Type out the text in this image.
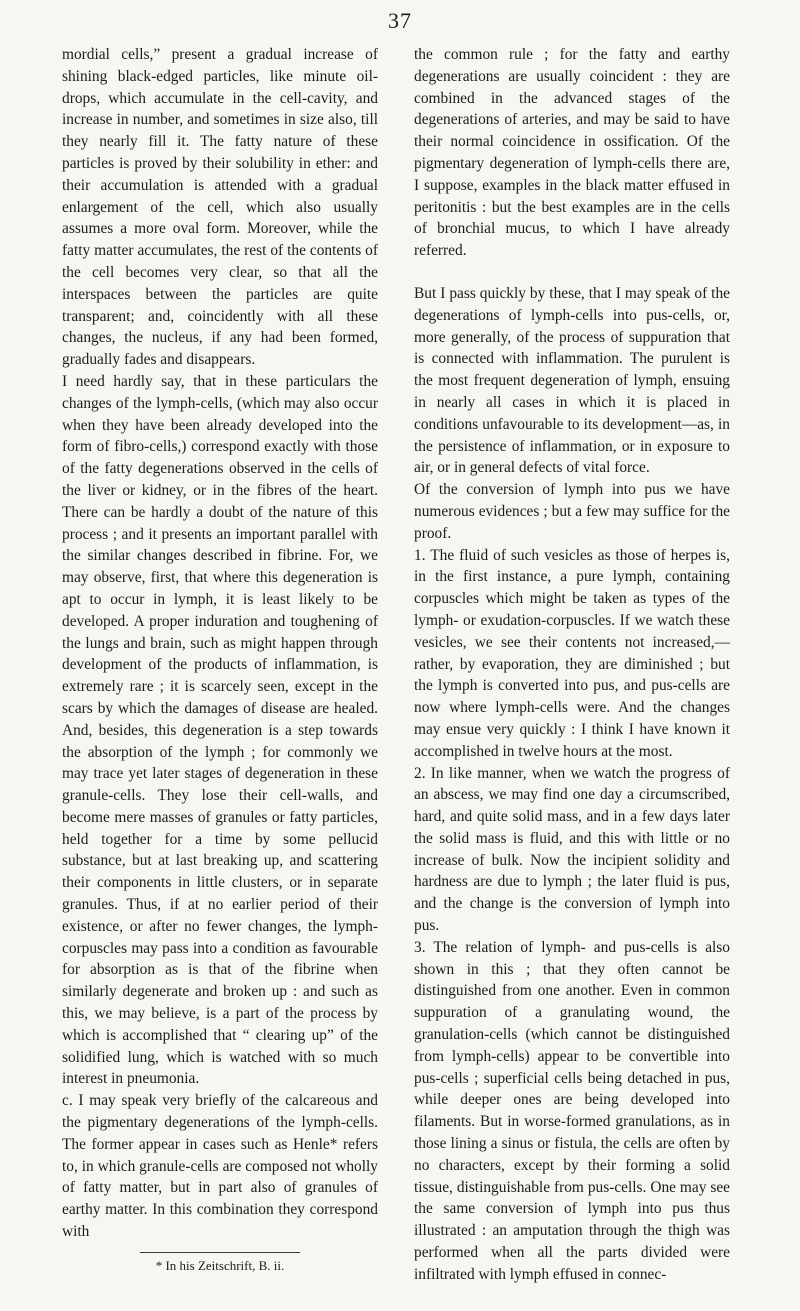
37

mordial cells,” present a gradual increase of shining black-edged particles, like minute oil-drops, which accumulate in the cell-cavity, and increase in number, and sometimes in size also, till they nearly fill it. The fatty nature of these particles is proved by their solubility in ether: and their accumulation is attended with a gradual enlargement of the cell, which also usually assumes a more oval form. Moreover, while the fatty matter accumulates, the rest of the contents of the cell becomes very clear, so that all the interspaces between the particles are quite transparent; and, coincidently with all these changes, the nucleus, if any had been formed, gradually fades and disappears.

I need hardly say, that in these particulars the changes of the lymph-cells, (which may also occur when they have been already developed into the form of fibro-cells,) correspond exactly with those of the fatty degenerations observed in the cells of the liver or kidney, or in the fibres of the heart. There can be hardly a doubt of the nature of this process ; and it presents an important parallel with the similar changes described in fibrine. For, we may observe, first, that where this degeneration is apt to occur in lymph, it is least likely to be developed. A proper induration and toughening of the lungs and brain, such as might happen through development of the products of inflammation, is extremely rare ; it is scarcely seen, except in the scars by which the damages of disease are healed. And, besides, this degeneration is a step towards the absorption of the lymph ; for commonly we may trace yet later stages of degeneration in these granule-cells. They lose their cell-walls, and become mere masses of granules or fatty particles, held together for a time by some pellucid substance, but at last breaking up, and scattering their components in little clusters, or in separate granules. Thus, if at no earlier period of their existence, or after no fewer changes, the lymph-corpuscles may pass into a condition as favourable for absorption as is that of the fibrine when similarly degenerate and broken up : and such as this, we may believe, is a part of the process by which is accomplished that “ clearing up” of the solidified lung, which is watched with so much interest in pneumonia.

c. I may speak very briefly of the calcareous and the pigmentary degenerations of the lymph-cells. The former appear in cases such as Henle* refers to, in which granule-cells are composed not wholly of fatty matter, but in part also of granules of earthy matter. In this combination they correspond with

* In his Zeitschrift, B. ii.

the common rule ; for the fatty and earthy degenerations are usually coincident : they are combined in the advanced stages of the degenerations of arteries, and may be said to have their normal coincidence in ossification. Of the pigmentary degeneration of lymph-cells there are, I suppose, examples in the black matter effused in peritonitis : but the best examples are in the cells of bronchial mucus, to which I have already referred.

But I pass quickly by these, that I may speak of the degenerations of lymph-cells into pus-cells, or, more generally, of the process of suppuration that is connected with inflammation. The purulent is the most frequent degeneration of lymph, ensuing in nearly all cases in which it is placed in conditions unfavourable to its development—as, in the persistence of inflammation, or in exposure to air, or in general defects of vital force.

Of the conversion of lymph into pus we have numerous evidences ; but a few may suffice for the proof.

1. The fluid of such vesicles as those of herpes is, in the first instance, a pure lymph, containing corpuscles which might be taken as types of the lymph- or exudation-corpuscles. If we watch these vesicles, we see their contents not increased,— rather, by evaporation, they are diminished ; but the lymph is converted into pus, and pus-cells are now where lymph-cells were. And the changes may ensue very quickly : I think I have known it accomplished in twelve hours at the most.

2. In like manner, when we watch the progress of an abscess, we may find one day a circumscribed, hard, and quite solid mass, and in a few days later the solid mass is fluid, and this with little or no increase of bulk. Now the incipient solidity and hardness are due to lymph ; the later fluid is pus, and the change is the conversion of lymph into pus.

3. The relation of lymph- and pus-cells is also shown in this ; that they often cannot be distinguished from one another. Even in common suppuration of a granulating wound, the granulation-cells (which cannot be distinguished from lymph-cells) appear to be convertible into pus-cells ; superficial cells being detached in pus, while deeper ones are being developed into filaments. But in worse-formed granulations, as in those lining a sinus or fistula, the cells are often by no characters, except by their forming a solid tissue, distinguishable from pus-cells. One may see the same conversion of lymph into pus thus illustrated : an amputation through the thigh was performed when all the parts divided were infiltrated with lymph effused in connec-
